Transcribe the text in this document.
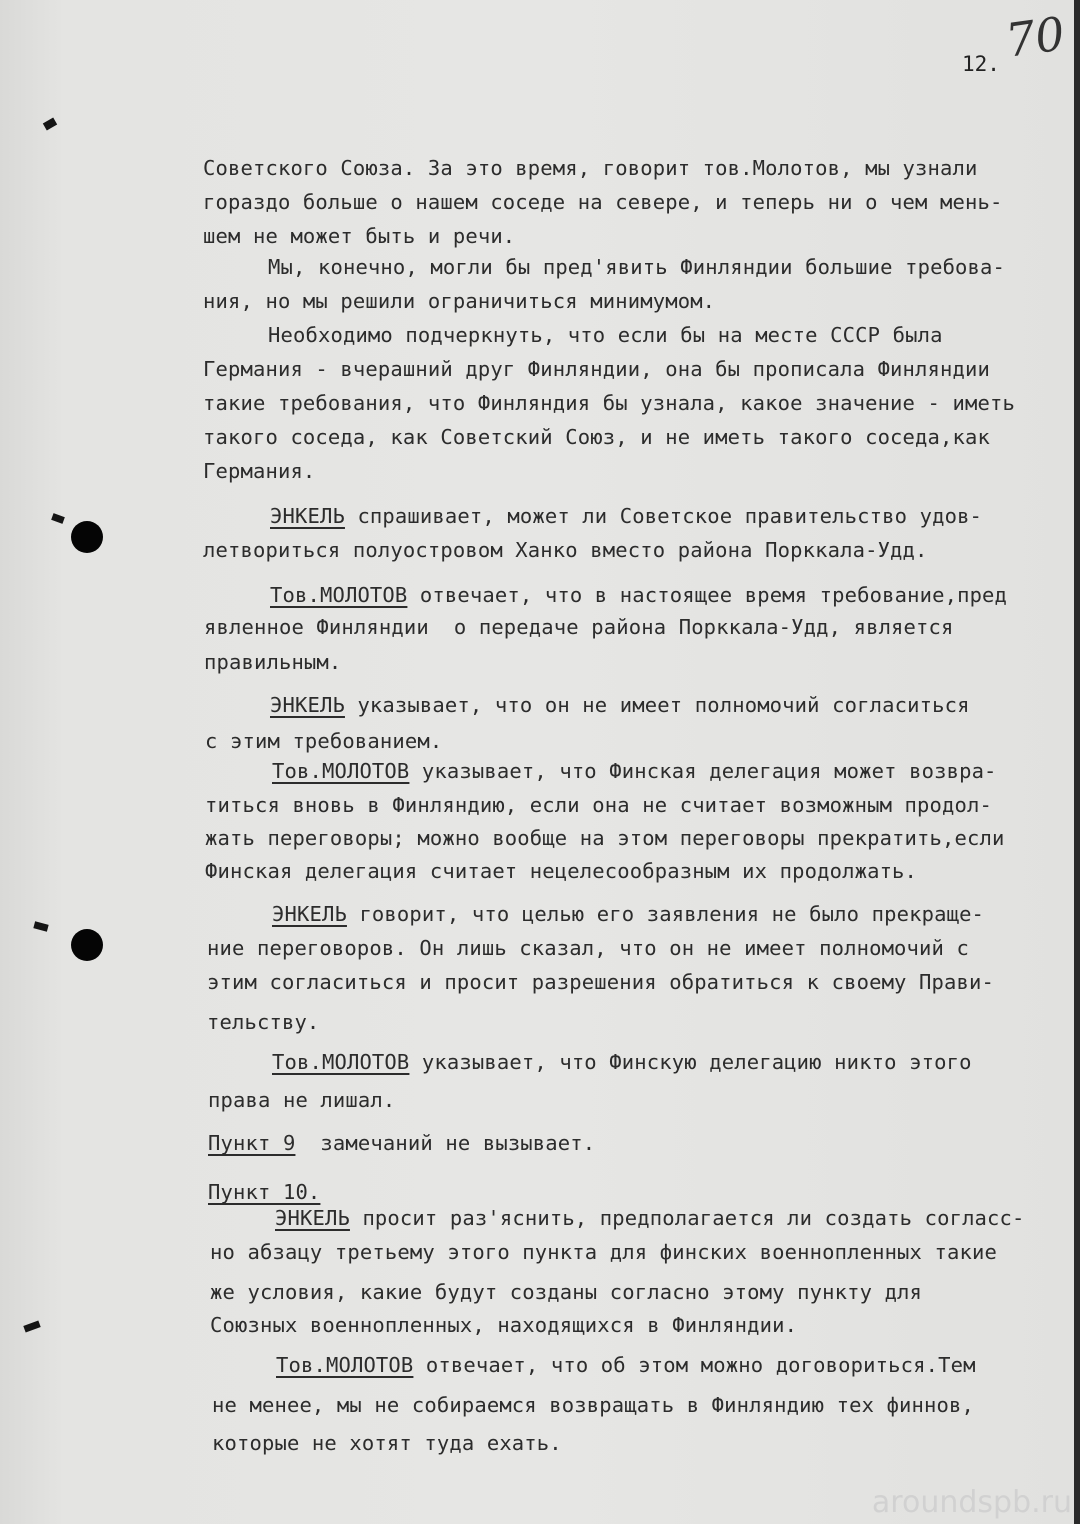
70
12.
Советского Союза. За это время, говорит тов.Молотов, мы узнали
гораздо больше о нашем соседе на севере, и теперь ни о чем мень-
шем не может быть и речи.
Мы, конечно, могли бы пред'явить Финляндии большие требова-
ния, но мы решили ограничиться минимумом.
Необходимо подчеркнуть, что если бы на месте СССР была
Германия - вчерашний друг Финляндии, она бы прописала Финляндии
такие требования, что Финляндия бы узнала, какое значение - иметь
такого соседа, как Советский Союз, и не иметь такого соседа,как
Германия.
ЭНКЕЛЬ спрашивает, может ли Советское правительство удов-
летвориться полуостровом Ханко вместо района Порккала-Удд.
Тов.МОЛОТОВ отвечает, что в настоящее время требование,пред
явленное Финляндии  о передаче района Порккала-Удд, является
правильным.
ЭНКЕЛЬ указывает, что он не имеет полномочий согласиться
с этим требованием.
Тов.МОЛОТОВ указывает, что Финская делегация может возвра-
титься вновь в Финляндию, если она не считает возможным продол-
жать переговоры; можно вообще на этом переговоры прекратить,если
Финская делегация считает нецелесообразным их продолжать.
ЭНКЕЛЬ говорит, что целью его заявления не было прекраще-
ние переговоров. Он лишь сказал, что он не имеет полномочий с
этим согласиться и просит разрешения обратиться к своему Прави-
тельству.
Тов.МОЛОТОВ указывает, что Финскую делегацию никто этого
права не лишал.
Пункт 9  замечаний не вызывает.
Пункт 10.
ЭНКЕЛЬ просит раз'яснить, предполагается ли создать согласс-
но абзацу третьему этого пункта для финских военнопленных такие
же условия, какие будут созданы согласно этому пункту для
Союзных военнопленных, находящихся в Финляндии.
Тов.МОЛОТОВ отвечает, что об этом можно договориться.Тем
не менее, мы не собираемся возвращать в Финляндию тех финнов,
которые не хотят туда ехать.
aroundspb.ru
